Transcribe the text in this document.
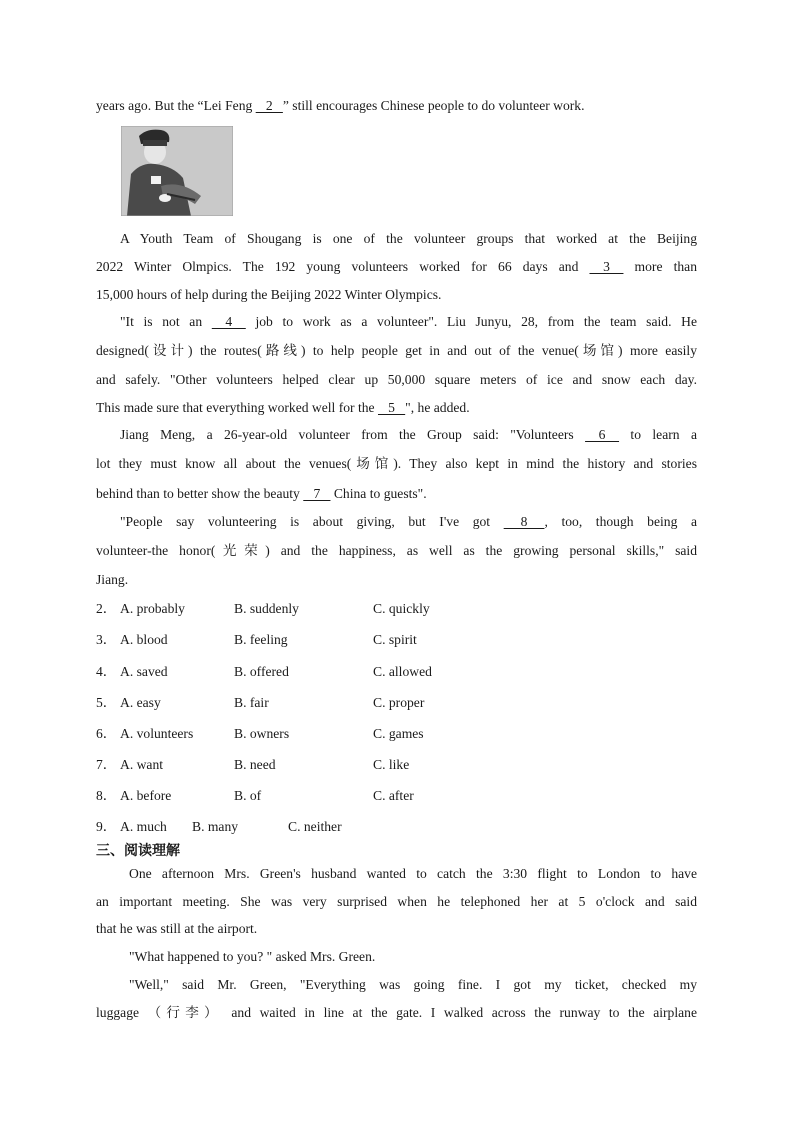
years ago. But the “Lei Feng    2   ” still encourages Chinese people to do volunteer work.
A Youth Team of Shougang is one of the volunteer groups that worked at the Beijing
2022 Winter Olmpics. The 192 young volunteers worked for 66 days and     3     more than
15,000 hours of help during the Beijing 2022 Winter Olympics.
"It is not an     4     job to work as a volunteer". Liu Junyu, 28, from the team said. He
designed(设计) the routes(路线) to help people get in and out of the venue(场馆) more easily
and safely. "Other volunteers helped clear up 50,000 square meters of ice and snow each day.
This made sure that everything worked well for the    5   ", he added.
Jiang Meng, a 26-year-old volunteer from the Group said: "Volunteers     6     to learn a
lot they must know all about the venues(场馆). They also kept in mind the history and stories
behind than to better show the beauty    7    China to guests".
"People say volunteering is about giving, but I've got      8     , too, though being a
volunteer-the honor(光荣) and the happiness, as well as the growing personal skills," said
Jiang.
2． A. probably	B. suddenly	C. quickly
3． A. blood	B. feeling	C. spirit
4． A. saved	B. offered	C. allowed
5． A. easy	B. fair	C. proper
6． A. volunteers	B. owners	C. games
7． A. want	B. need	C. like
8． A. before	B. of	C. after
9． A. much B. many	C. neither
三、阅读理解
One afternoon Mrs. Green's husband wanted to catch the 3:30 flight to London to have
an important meeting. She was very surprised when he telephoned her at 5 o'clock and said
that he was still at the airport.
"What happened to you? " asked Mrs. Green.
"Well," said Mr. Green, "Everything was going fine. I got my ticket, checked my
luggage （行李） and waited in line at the gate. I walked across the runway to the airplane
